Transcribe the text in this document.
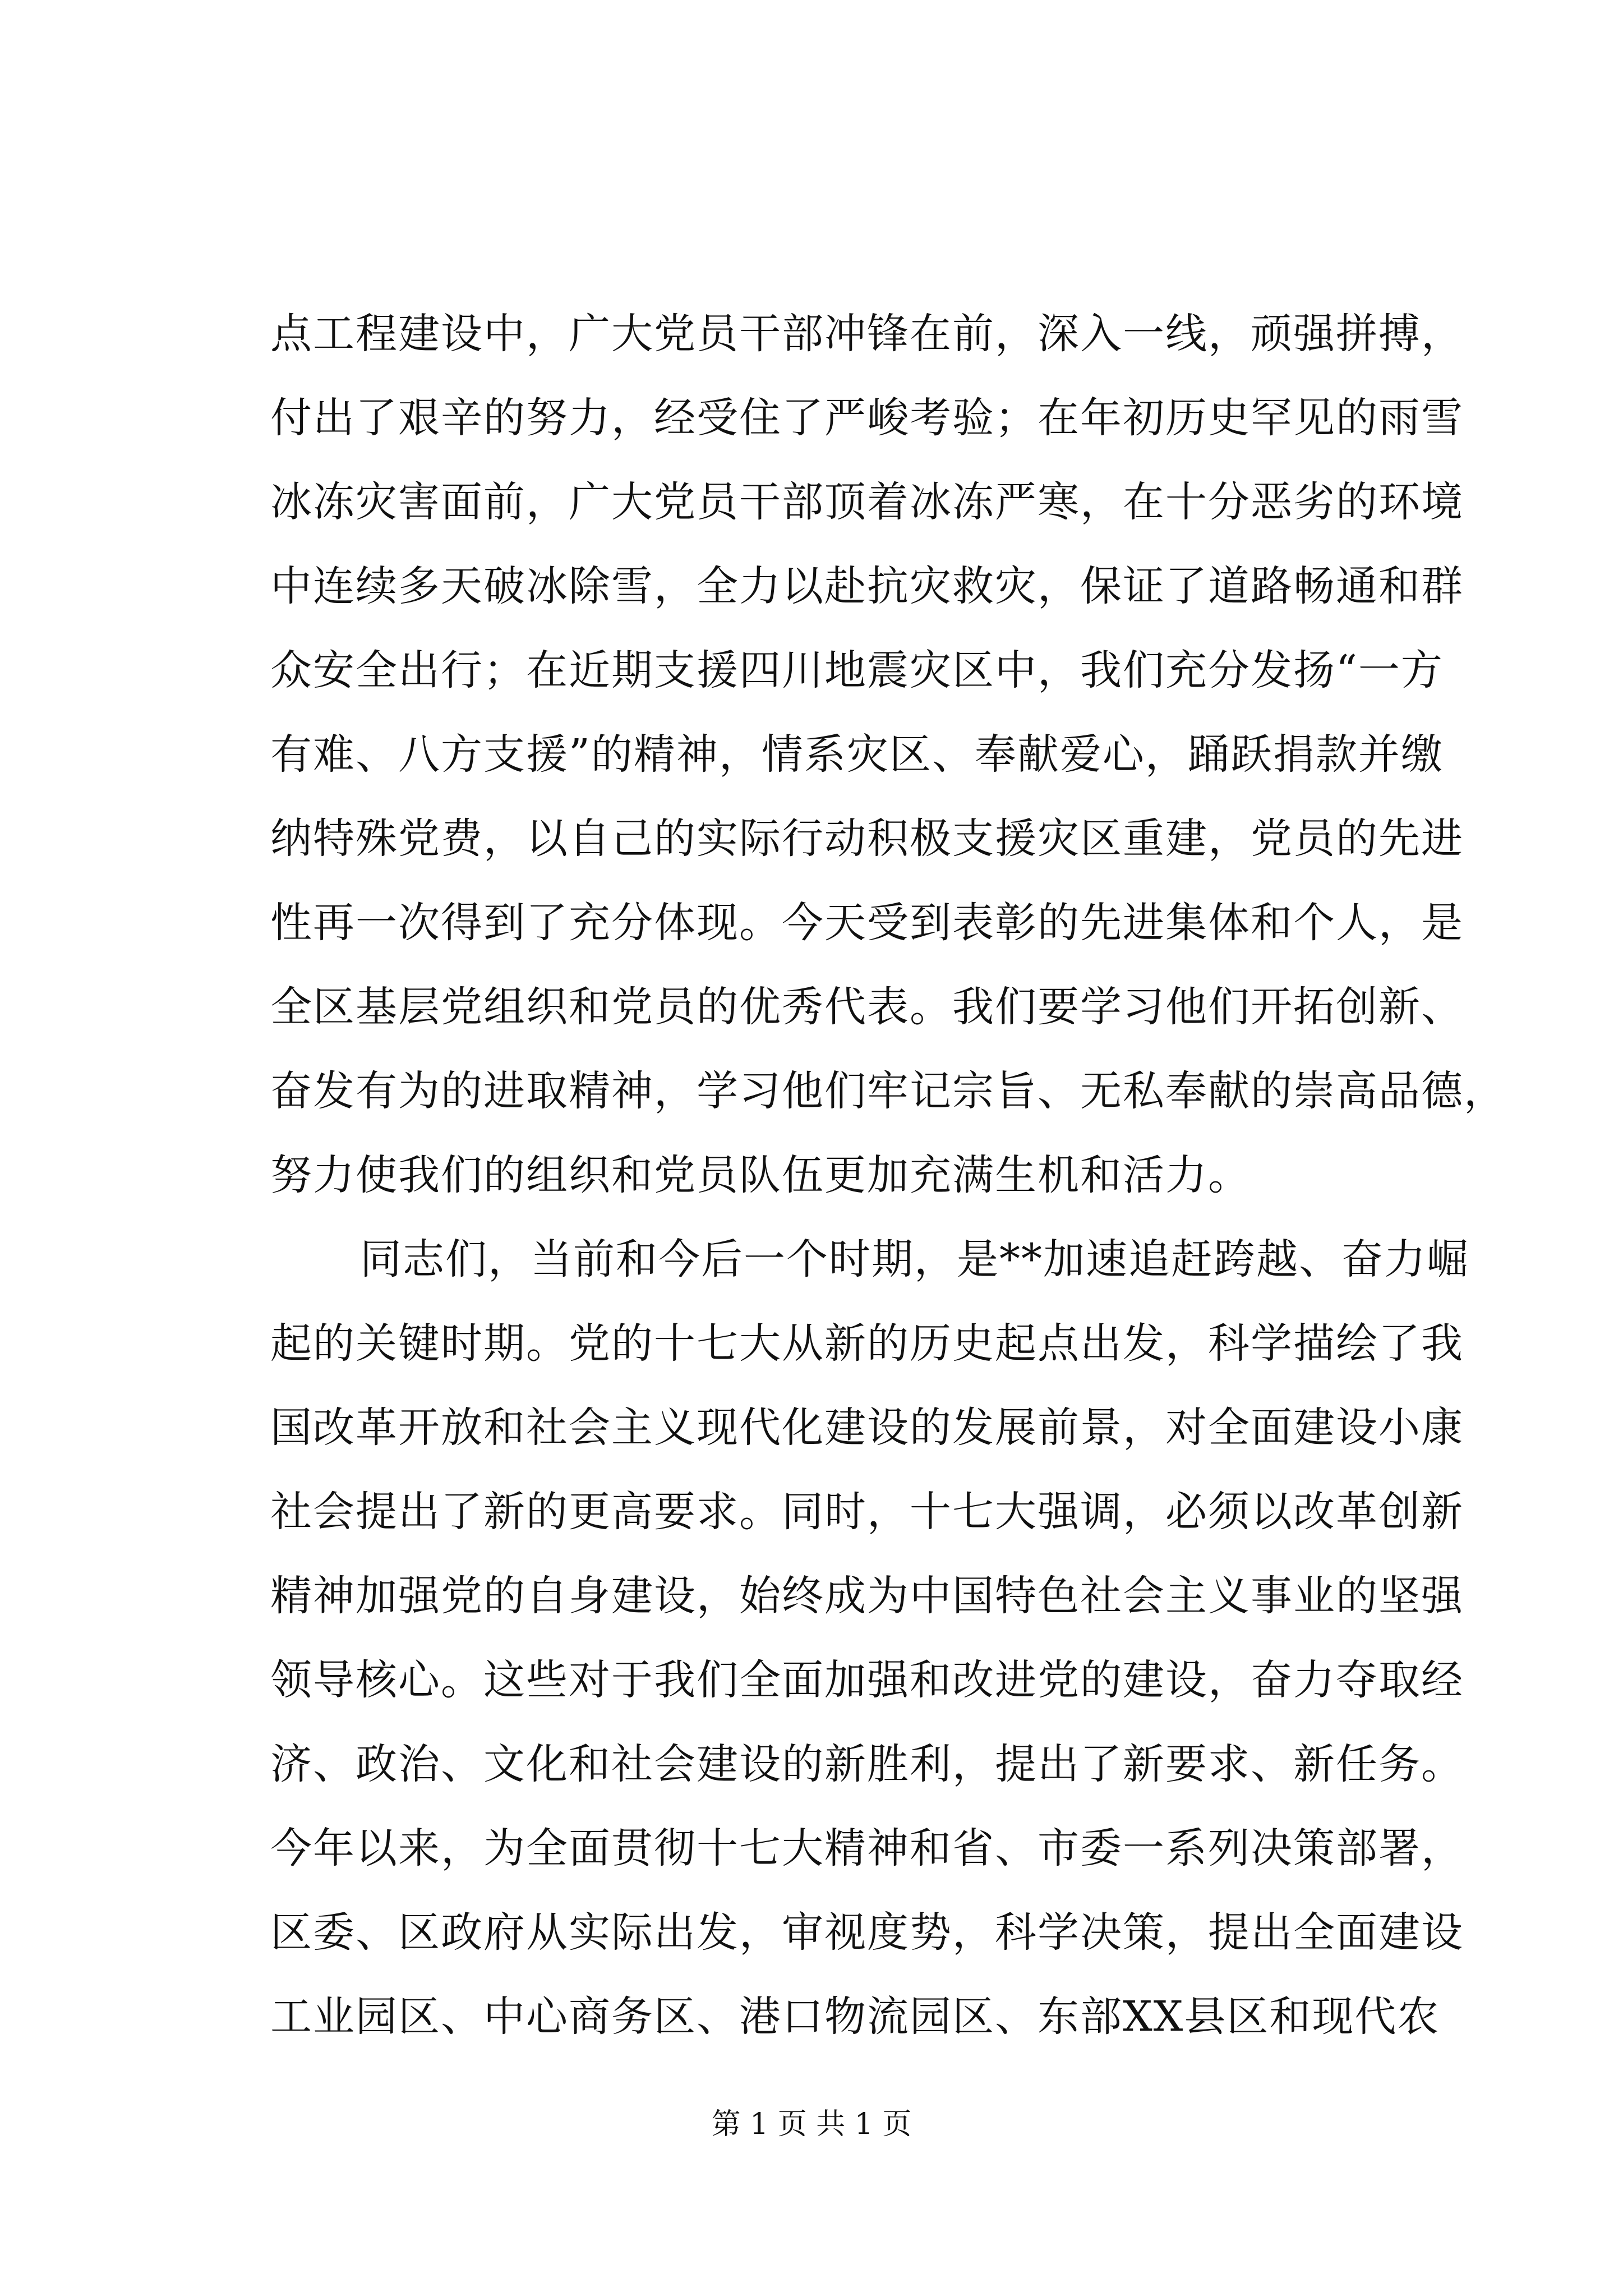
点工程建设中，广大党员干部冲锋在前，深入一线，顽强拼搏，
付出了艰辛的努力，经受住了严峻考验；在年初历史罕见的雨雪
冰冻灾害面前，广大党员干部顶着冰冻严寒，在十分恶劣的环境
中连续多天破冰除雪，全力以赴抗灾救灾，保证了道路畅通和群
众安全出行；在近期支援四川地震灾区中，我们充分发扬“一方
有难、八方支援”的精神，情系灾区、奉献爱心，踊跃捐款并缴
纳特殊党费，以自己的实际行动积极支援灾区重建，党员的先进
性再一次得到了充分体现。今天受到表彰的先进集体和个人，是
全区基层党组织和党员的优秀代表。我们要学习他们开拓创新、
奋发有为的进取精神，学习他们牢记宗旨、无私奉献的崇高品德，
努力使我们的组织和党员队伍更加充满生机和活力。
同志们，当前和今后一个时期，是**加速追赶跨越、奋力崛
起的关键时期。党的十七大从新的历史起点出发，科学描绘了我
国改革开放和社会主义现代化建设的发展前景，对全面建设小康
社会提出了新的更高要求。同时，十七大强调，必须以改革创新
精神加强党的自身建设，始终成为中国特色社会主义事业的坚强
领导核心。这些对于我们全面加强和改进党的建设，奋力夺取经
济、政治、文化和社会建设的新胜利，提出了新要求、新任务。
今年以来，为全面贯彻十七大精神和省、市委一系列决策部署，
区委、区政府从实际出发，审视度势，科学决策，提出全面建设
工业园区、中心商务区、港口物流园区、东部XX县区和现代农
第 1 页 共 1 页
